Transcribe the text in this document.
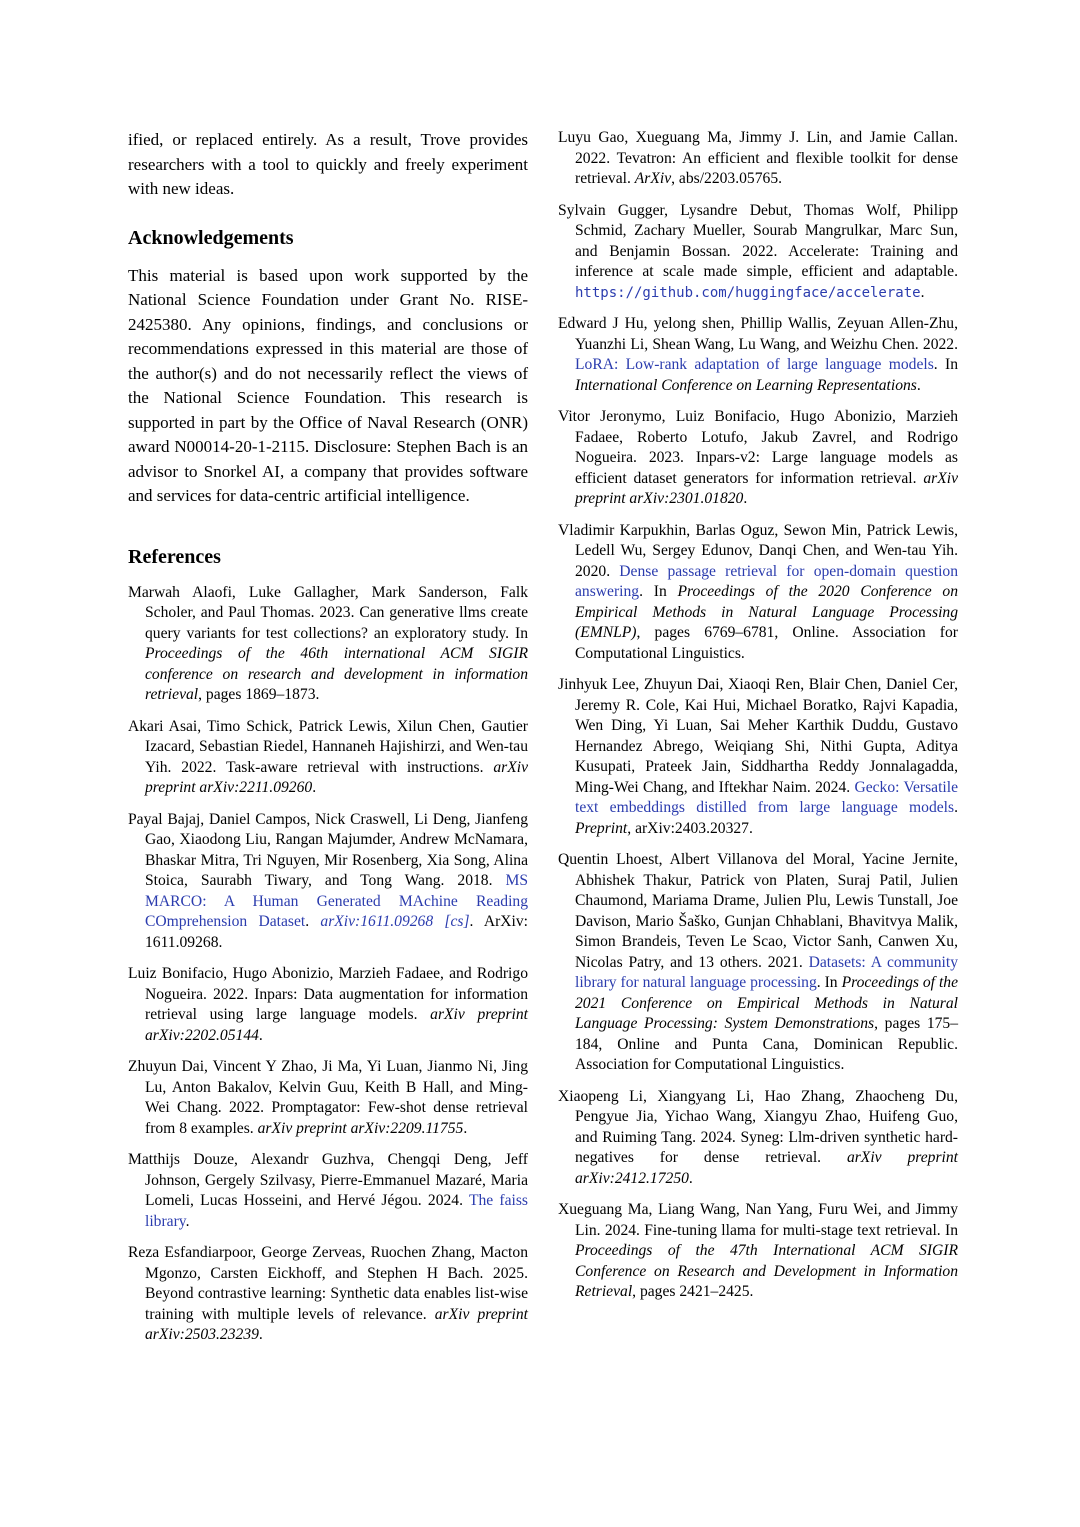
ified, or replaced entirely. As a result, Trove provides researchers with a tool to quickly and freely experiment with new ideas.

Acknowledgements

This material is based upon work supported by the National Science Foundation under Grant No. RISE-2425380. Any opinions, findings, and conclusions or recommendations expressed in this material are those of the author(s) and do not necessarily reflect the views of the National Science Foundation. This research is supported in part by the Office of Naval Research (ONR) award N00014-20-1-2115. Disclosure: Stephen Bach is an advisor to Snorkel AI, a company that provides software and services for data-centric artificial intelligence.

References

Marwah Alaofi, Luke Gallagher, Mark Sanderson, Falk Scholer, and Paul Thomas. 2023. Can generative llms create query variants for test collections? an exploratory study. In Proceedings of the 46th international ACM SIGIR conference on research and development in information retrieval, pages 1869–1873.

Akari Asai, Timo Schick, Patrick Lewis, Xilun Chen, Gautier Izacard, Sebastian Riedel, Hannaneh Hajishirzi, and Wen-tau Yih. 2022. Task-aware retrieval with instructions. arXiv preprint arXiv:2211.09260.

Payal Bajaj, Daniel Campos, Nick Craswell, Li Deng, Jianfeng Gao, Xiaodong Liu, Rangan Majumder, Andrew McNamara, Bhaskar Mitra, Tri Nguyen, Mir Rosenberg, Xia Song, Alina Stoica, Saurabh Tiwary, and Tong Wang. 2018. MS MARCO: A Human Generated MAchine Reading COmprehension Dataset. arXiv:1611.09268 [cs]. ArXiv: 1611.09268.

Luiz Bonifacio, Hugo Abonizio, Marzieh Fadaee, and Rodrigo Nogueira. 2022. Inpars: Data augmentation for information retrieval using large language models. arXiv preprint arXiv:2202.05144.

Zhuyun Dai, Vincent Y Zhao, Ji Ma, Yi Luan, Jianmo Ni, Jing Lu, Anton Bakalov, Kelvin Guu, Keith B Hall, and Ming-Wei Chang. 2022. Promptagator: Few-shot dense retrieval from 8 examples. arXiv preprint arXiv:2209.11755.

Matthijs Douze, Alexandr Guzhva, Chengqi Deng, Jeff Johnson, Gergely Szilvasy, Pierre-Emmanuel Mazaré, Maria Lomeli, Lucas Hosseini, and Hervé Jégou. 2024. The faiss library.

Reza Esfandiarpoor, George Zerveas, Ruochen Zhang, Macton Mgonzo, Carsten Eickhoff, and Stephen H Bach. 2025. Beyond contrastive learning: Synthetic data enables list-wise training with multiple levels of relevance. arXiv preprint arXiv:2503.23239.

Luyu Gao, Xueguang Ma, Jimmy J. Lin, and Jamie Callan. 2022. Tevatron: An efficient and flexible toolkit for dense retrieval. ArXiv, abs/2203.05765.

Sylvain Gugger, Lysandre Debut, Thomas Wolf, Philipp Schmid, Zachary Mueller, Sourab Mangrulkar, Marc Sun, and Benjamin Bossan. 2022. Accelerate: Training and inference at scale made simple, efficient and adaptable. https://github.com/huggingface/accelerate.

Edward J Hu, yelong shen, Phillip Wallis, Zeyuan Allen-Zhu, Yuanzhi Li, Shean Wang, Lu Wang, and Weizhu Chen. 2022. LoRA: Low-rank adaptation of large language models. In International Conference on Learning Representations.

Vitor Jeronymo, Luiz Bonifacio, Hugo Abonizio, Marzieh Fadaee, Roberto Lotufo, Jakub Zavrel, and Rodrigo Nogueira. 2023. Inpars-v2: Large language models as efficient dataset generators for information retrieval. arXiv preprint arXiv:2301.01820.

Vladimir Karpukhin, Barlas Oguz, Sewon Min, Patrick Lewis, Ledell Wu, Sergey Edunov, Danqi Chen, and Wen-tau Yih. 2020. Dense passage retrieval for open-domain question answering. In Proceedings of the 2020 Conference on Empirical Methods in Natural Language Processing (EMNLP), pages 6769–6781, Online. Association for Computational Linguistics.

Jinhyuk Lee, Zhuyun Dai, Xiaoqi Ren, Blair Chen, Daniel Cer, Jeremy R. Cole, Kai Hui, Michael Boratko, Rajvi Kapadia, Wen Ding, Yi Luan, Sai Meher Karthik Duddu, Gustavo Hernandez Abrego, Weiqiang Shi, Nithi Gupta, Aditya Kusupati, Prateek Jain, Siddhartha Reddy Jonnalagadda, Ming-Wei Chang, and Iftekhar Naim. 2024. Gecko: Versatile text embeddings distilled from large language models. Preprint, arXiv:2403.20327.

Quentin Lhoest, Albert Villanova del Moral, Yacine Jernite, Abhishek Thakur, Patrick von Platen, Suraj Patil, Julien Chaumond, Mariama Drame, Julien Plu, Lewis Tunstall, Joe Davison, Mario Šaško, Gunjan Chhablani, Bhavitvya Malik, Simon Brandeis, Teven Le Scao, Victor Sanh, Canwen Xu, Nicolas Patry, and 13 others. 2021. Datasets: A community library for natural language processing. In Proceedings of the 2021 Conference on Empirical Methods in Natural Language Processing: System Demonstrations, pages 175–184, Online and Punta Cana, Dominican Republic. Association for Computational Linguistics.

Xiaopeng Li, Xiangyang Li, Hao Zhang, Zhaocheng Du, Pengyue Jia, Yichao Wang, Xiangyu Zhao, Huifeng Guo, and Ruiming Tang. 2024. Syneg: Llm-driven synthetic hard-negatives for dense retrieval. arXiv preprint arXiv:2412.17250.

Xueguang Ma, Liang Wang, Nan Yang, Furu Wei, and Jimmy Lin. 2024. Fine-tuning llama for multi-stage text retrieval. In Proceedings of the 47th International ACM SIGIR Conference on Research and Development in Information Retrieval, pages 2421–2425.
